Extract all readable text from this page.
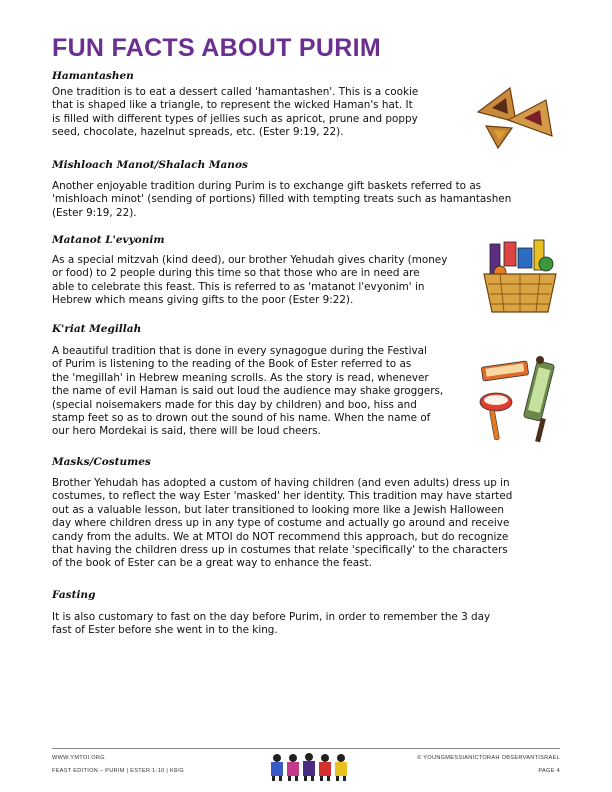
FUN FACTS ABOUT PURIM

Hamantashen

One tradition is to eat a dessert called 'hamantashen'. This is a cookie
that is shaped like a triangle, to represent the wicked Haman's hat. It
is filled with different types of jellies such as apricot, prune and poppy
seed, chocolate, hazelnut spreads, etc. (Ester 9:19, 22).

Mishloach Manot/Shalach Manos

Another enjoyable tradition during Purim is to exchange gift baskets referred to as
'mishloach minot' (sending of portions) filled with tempting treats such as hamantashen
(Ester 9:19, 22).

Matanot L'evyonim

As a special mitzvah (kind deed), our brother Yehudah gives charity (money
or food) to 2 people during this time so that those who are in need are
able to celebrate this feast. This is referred to as 'matanot l'evyonim' in
Hebrew which means giving gifts to the poor (Ester 9:22).

K'riat Megillah

A beautiful tradition that is done in every synagogue during the Festival
of Purim is listening to the reading of the Book of Ester referred to as
the 'megillah' in Hebrew meaning scrolls. As the story is read, whenever
the name of evil Haman is said out loud the audience may shake groggers,
(special noisemakers made for this day by children) and boo, hiss and
stamp feet so as to drown out the sound of his name. When the name of
our hero Mordekai is said, there will be loud cheers.

Masks/Costumes

Brother Yehudah has adopted a custom of having children (and even adults) dress up in
costumes, to reflect the way Ester 'masked' her identity. This tradition may have started
out as a valuable lesson, but later transitioned to looking more like a Jewish Halloween
day where children dress up in any type of costume and actually go around and receive
candy from the adults. We at MTOI do NOT recommend this approach, but do recognize
that having the children dress up in costumes that relate 'specifically' to the characters
of the book of Ester can be a great way to enhance the feast.

Fasting

It is also customary to fast on the day before Purim, in order to remember the 3 day
fast of Ester before she went in to the king.
WWW.YMTOI.ORG
FEAST EDITION – PURIM | ESTER 1-10 | K8/G
© YOUNGMESSIANICTORAH OBSERVANTISRAEL
PAGE 4
